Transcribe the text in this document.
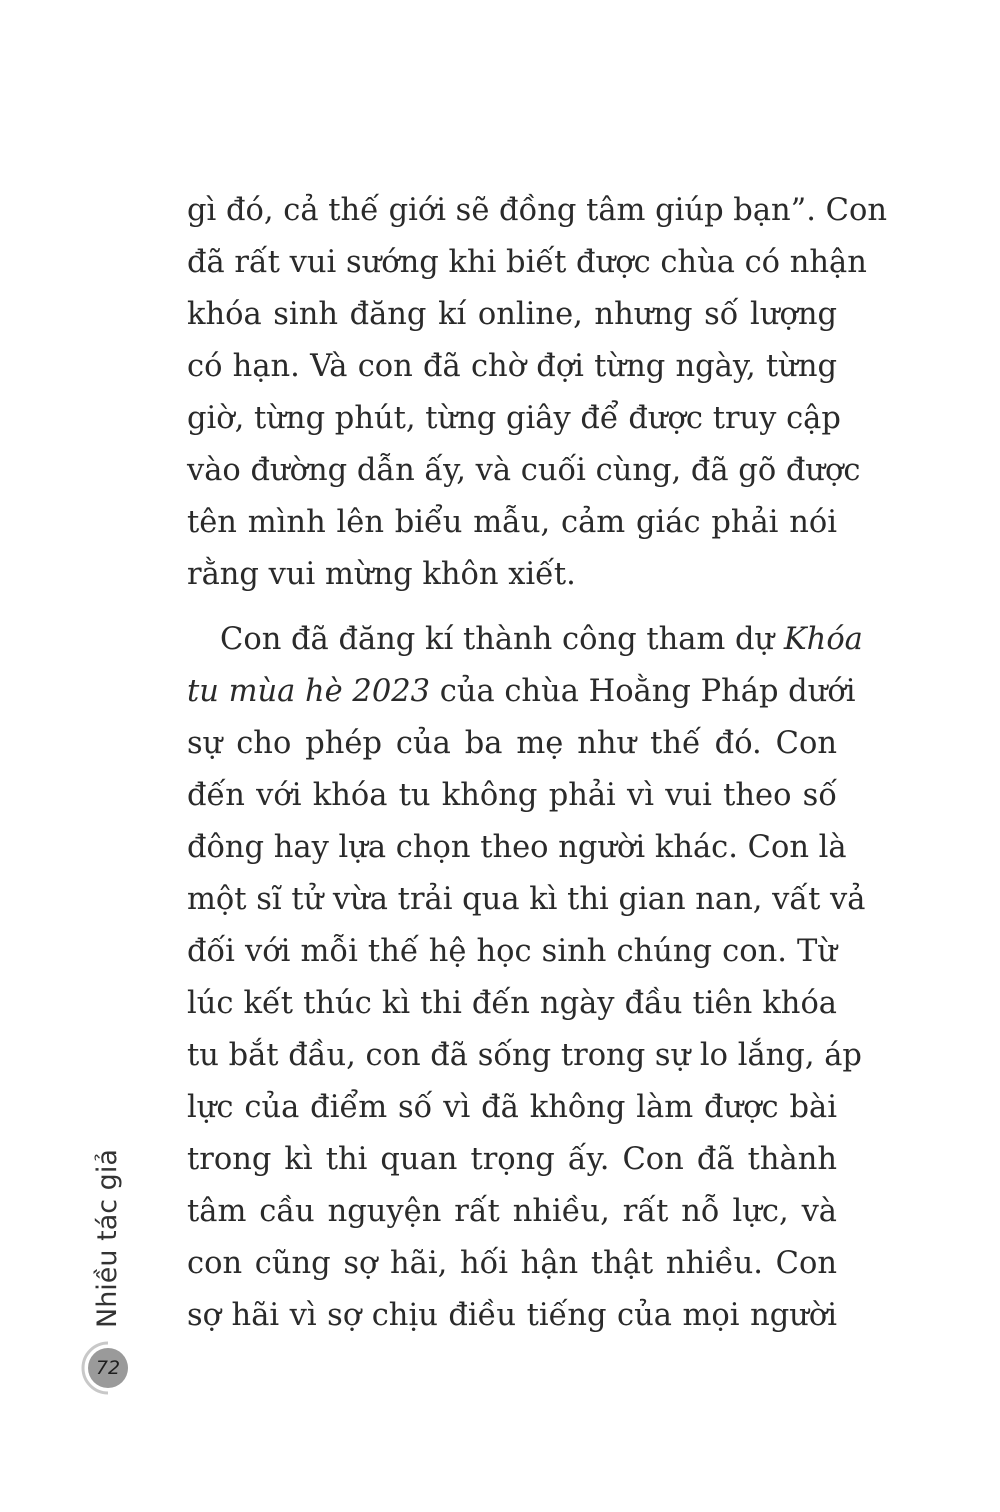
gì đó, cả thế giới sẽ đồng tâm giúp bạn”. Con
đã rất vui sướng khi biết được chùa có nhận
khóa sinh đăng kí online, nhưng số lượng
có hạn. Và con đã chờ đợi từng ngày, từng
giờ, từng phút, từng giây để được truy cập
vào đường dẫn ấy, và cuối cùng, đã gõ được
tên mình lên biểu mẫu, cảm giác phải nói
rằng vui mừng khôn xiết.
Con đã đăng kí thành công tham dự Khóa
tu mùa hè 2023 của chùa Hoằng Pháp dưới
sự cho phép của ba mẹ như thế đó. Con
đến với khóa tu không phải vì vui theo số
đông hay lựa chọn theo người khác. Con là
một sĩ tử vừa trải qua kì thi gian nan, vất vả
đối với mỗi thế hệ học sinh chúng con. Từ
lúc kết thúc kì thi đến ngày đầu tiên khóa
tu bắt đầu, con đã sống trong sự lo lắng, áp
lực của điểm số vì đã không làm được bài
trong kì thi quan trọng ấy. Con đã thành
tâm cầu nguyện rất nhiều, rất nỗ lực, và
con cũng sợ hãi, hối hận thật nhiều. Con
sợ hãi vì sợ chịu điều tiếng của mọi người
Nhiều tác giả
72
